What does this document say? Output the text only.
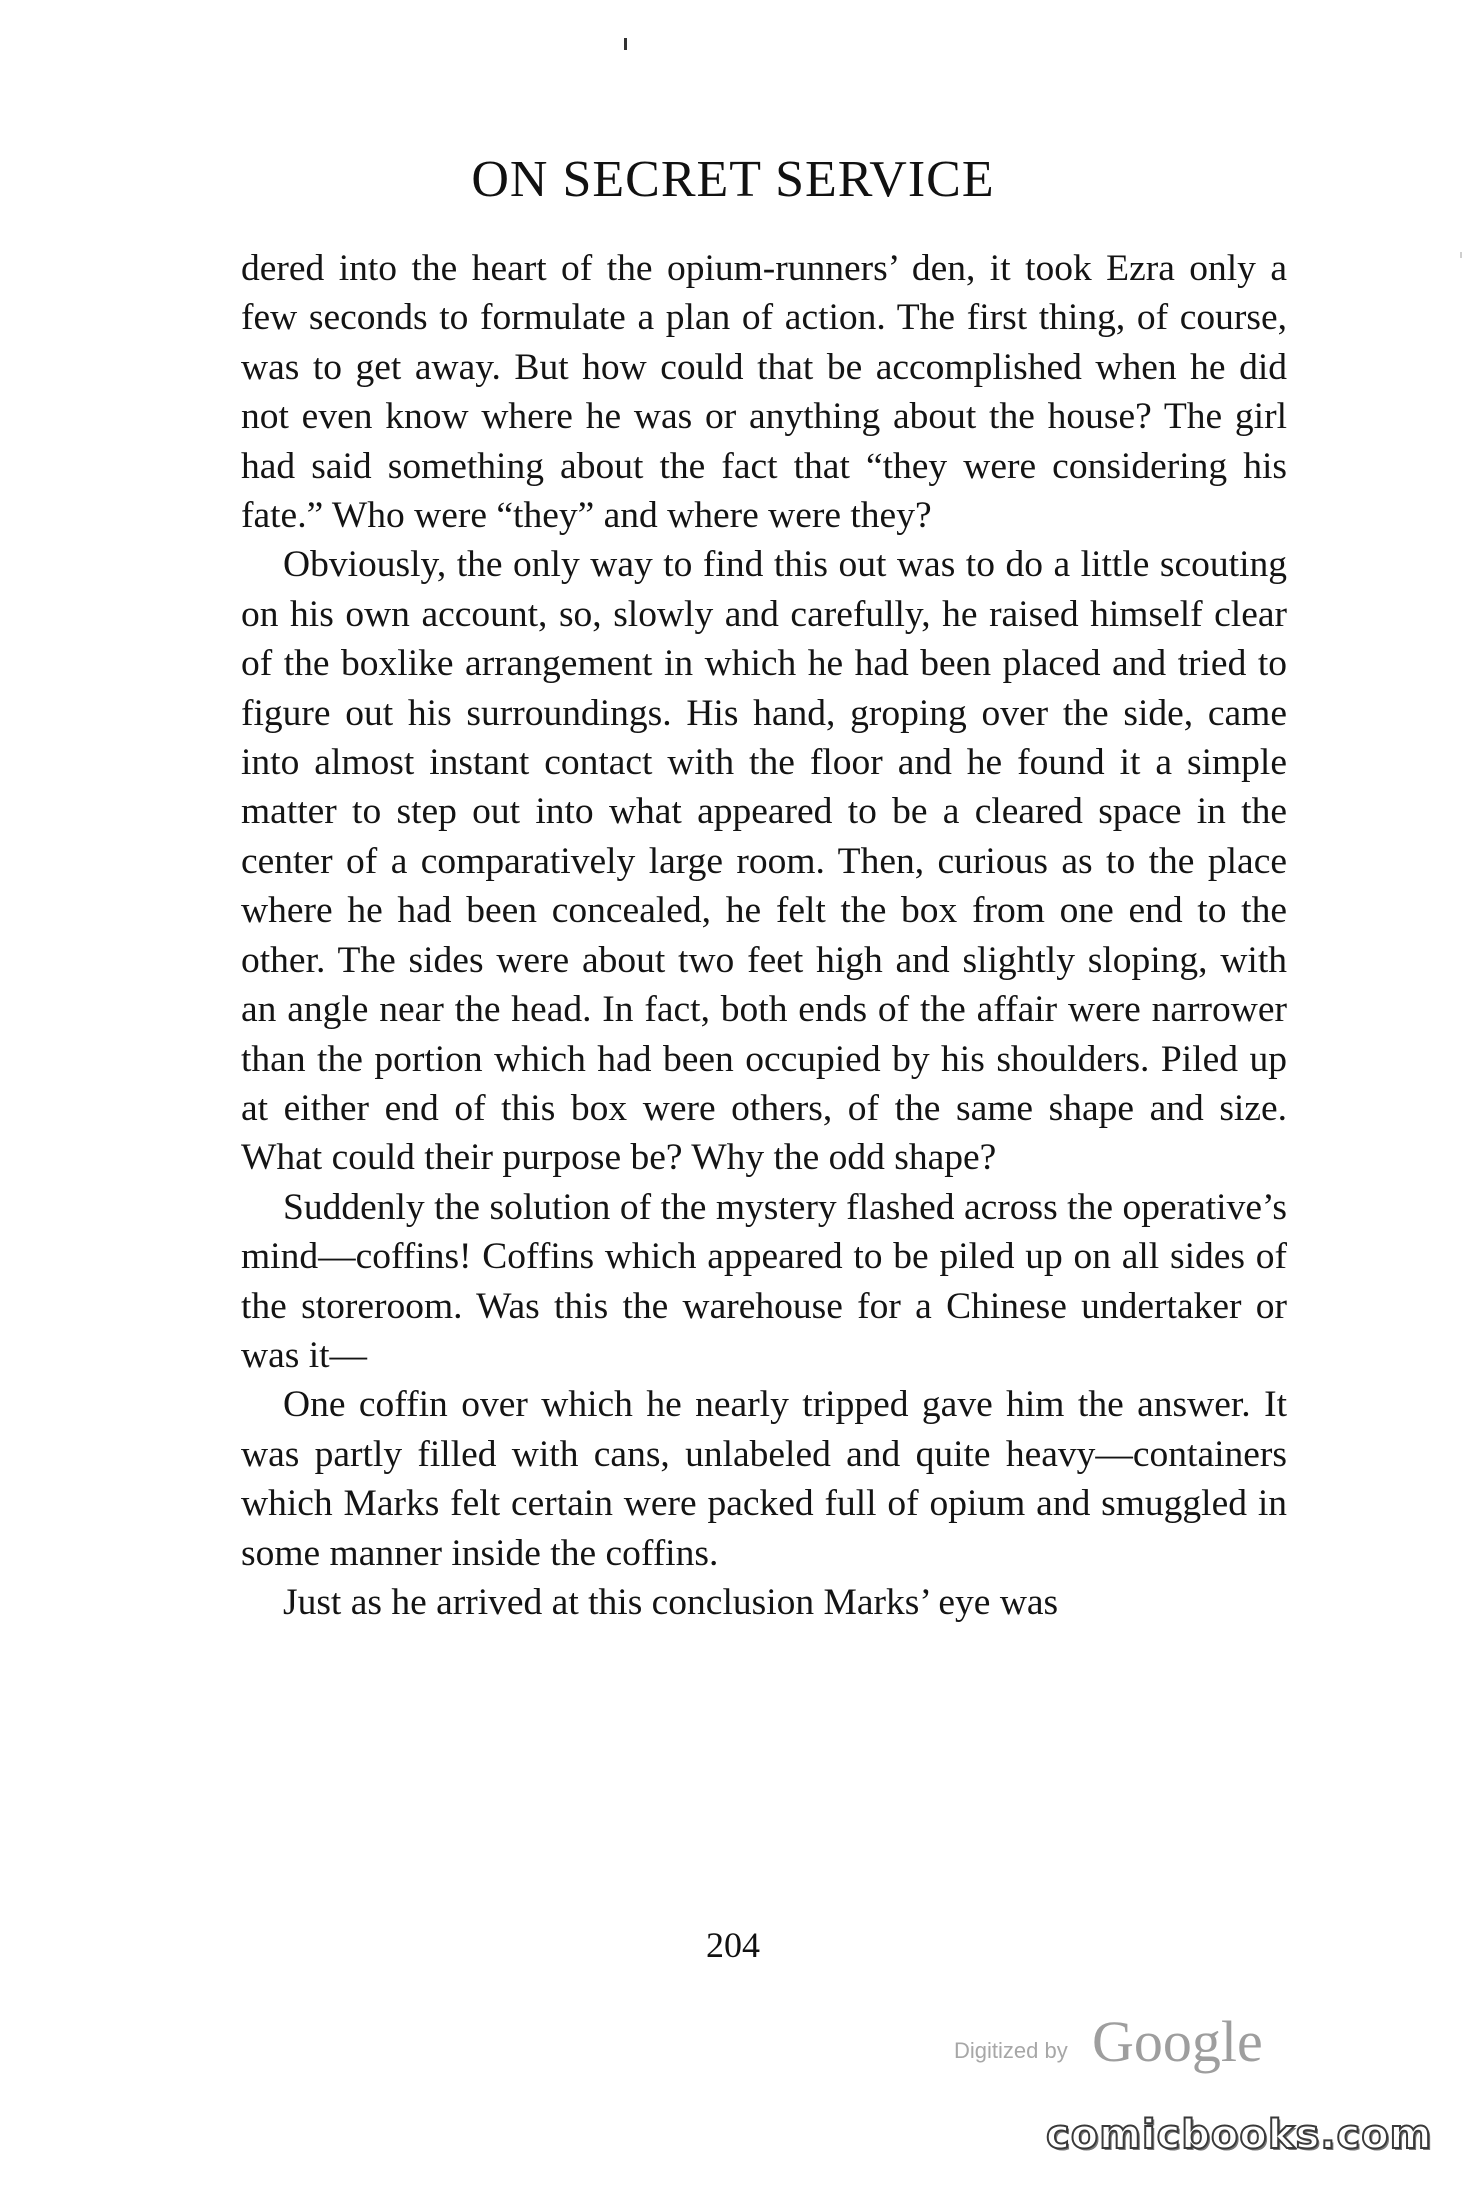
ON SECRET SERVICE

dered into the heart of the opium-runners’ den, it took Ezra only a few seconds to formulate a plan of action. The first thing, of course, was to get away. But how could that be accomplished when he did not even know where he was or anything about the house? The girl had said something about the fact that “they were considering his fate.” Who were “they” and where were they?

Obviously, the only way to find this out was to do a little scouting on his own account, so, slowly and carefully, he raised himself clear of the boxlike arrangement in which he had been placed and tried to figure out his surroundings. His hand, groping over the side, came into almost instant contact with the floor and he found it a simple matter to step out into what appeared to be a cleared space in the center of a comparatively large room. Then, curious as to the place where he had been concealed, he felt the box from one end to the other. The sides were about two feet high and slightly sloping, with an angle near the head. In fact, both ends of the affair were narrower than the portion which had been occupied by his shoulders. Piled up at either end of this box were others, of the same shape and size. What could their purpose be? Why the odd shape?

Suddenly the solution of the mystery flashed across the operative’s mind—coffins! Coffins which appeared to be piled up on all sides of the storeroom. Was this the warehouse for a Chinese undertaker or was it—

One coffin over which he nearly tripped gave him the answer. It was partly filled with cans, unlabeled and quite heavy—containers which Marks felt certain were packed full of opium and smuggled in some manner inside the coffins.

Just as he arrived at this conclusion Marks’ eye was

204
Digitized by Google
comicbooks.com
